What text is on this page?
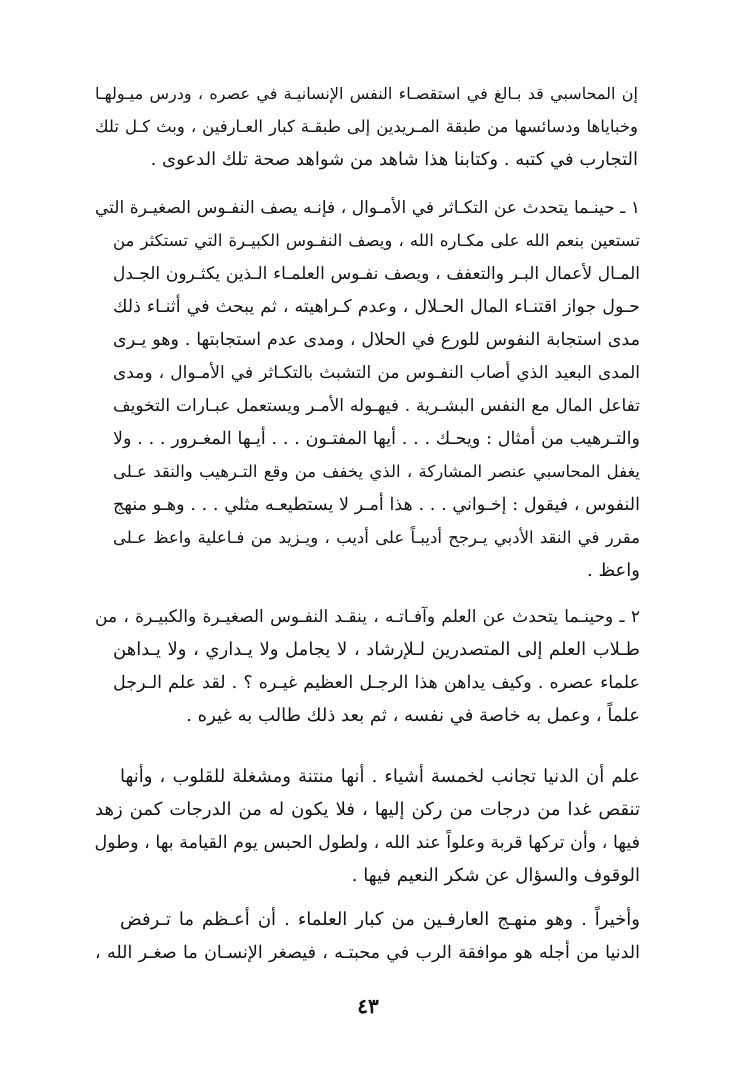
إن المحاسبي قد بـالغ في استقصـاء النفس الإنسانيـة في عصره ، ودرس ميـولهـا
وخباياها ودسائسها من طبقة المـريدين إلى طبقـة كبار العـارفين ، وبث كـل تلك
التجارب في كتبه . وكتابنا هذا شاهد من شواهد صحة تلك الدعوى .
١ ـ حينـما يتحدث عن التكـاثر في الأمـوال ، فإنـه يصف النفـوس الصغيـرة التي
تستعين بنعم الله على مكـاره الله ، ويصف النفـوس الكبيـرة التي تستكثر من
المـال لأعمال البـر والتعفف ، ويصف نفـوس العلمـاء الـذين يكثـرون الجـدل
حـول جواز اقتنـاء المال الحـلال ، وعدم كـراهيته ، ثم يبحث في أثنـاء ذلك
مدى استجابة النفوس للورع في الحلال ، ومدى عدم استجابتها . وهو يـرى
المدى البعيد الذي أصاب النفـوس من التشبث بالتكـاثر في الأمـوال ، ومدى
تفاعل المال مع النفس البشـرية . فيهـوله الأمـر ويستعمل عبـارات التخويف
والتـرهيب من أمثال : ويحـك . . . أيها المفتـون . . . أيـها المغـرور . . . ولا
يغفل المحاسبي عنصر المشاركة ، الذي يخفف من وقع التـرهيب والنقد عـلى
النفوس ، فيقول : إخـواني . . . هذا أمـر لا يستطيعـه مثلي . . . وهـو منهج
مقرر في النقد الأدبي يـرجح أديبـاً على أديب ، ويـزيد من فـاعلية واعظ عـلى
واعظ .
٢ ـ وحينـما يتحدث عن العلم وآفـاتـه ، ينقـد النفـوس الصغيـرة والكبيـرة ، من
طـلاب العلم إلى المتصدرين لـلإرشاد ، لا يجامل ولا يـداري ، ولا يـداهن
علماء عصره . وكيف يداهن هذا الرجـل العظيم غيـره ؟ . لقد علم الـرجل
علماً ، وعمل به خاصة في نفسه ، ثم بعد ذلك طالب به غيره .
علم أن الدنيا تجانب لخمسة أشياء . أنها منتنة ومشغلة للقلوب ، وأنها
تنقص غدا من درجات من ركن إليها ، فلا يكون له من الدرجات كمن زهد
فيها ، وأن تركها قربة وعلواً عند الله ، ولطول الحبس يوم القيامة بها ، وطول
الوقوف والسؤال عن شكر النعيم فيها .
وأخيراً . وهو منهـج العارفـين من كبار العلماء . أن أعـظم ما تـرفض
الدنيا من أجله هو موافقة الرب في محبتـه ، فيصغر الإنسـان ما صغـر الله ،
٤٣
